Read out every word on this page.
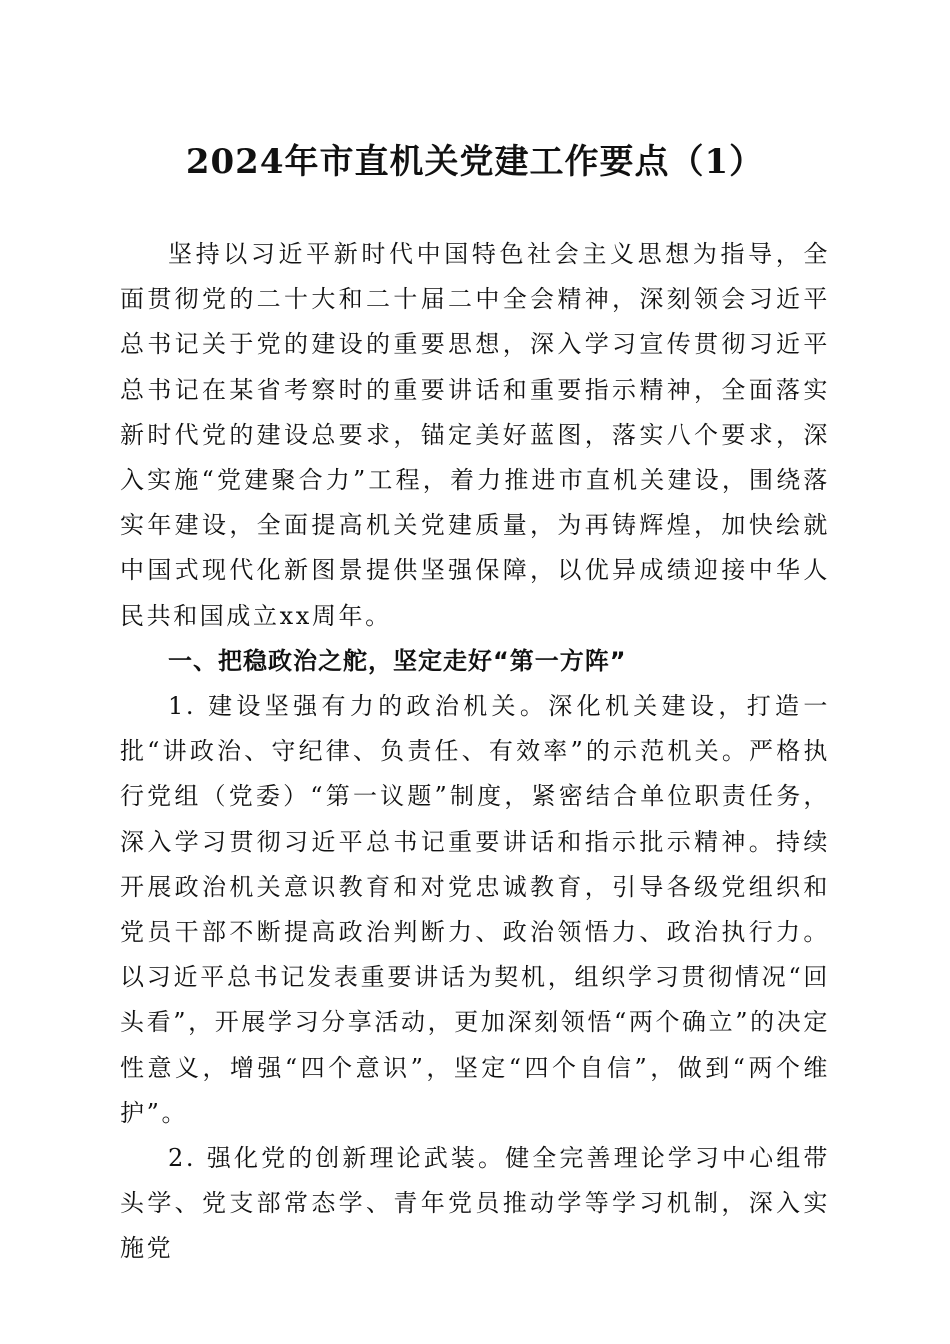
2024年市直机关党建工作要点（1）

坚持以习近平新时代中国特色社会主义思想为指导，全面贯彻党的二十大和二十届二中全会精神，深刻领会习近平总书记关于党的建设的重要思想，深入学习宣传贯彻习近平总书记在某省考察时的重要讲话和重要指示精神，全面落实新时代党的建设总要求，锚定美好蓝图，落实八个要求，深入实施“党建聚合力”工程，着力推进市直机关建设，围绕落实年建设，全面提高机关党建质量，为再铸辉煌，加快绘就中国式现代化新图景提供坚强保障，以优异成绩迎接中华人民共和国成立xx周年。

一、把稳政治之舵，坚定走好“第一方阵”

1. 建设坚强有力的政治机关。深化机关建设，打造一批“讲政治、守纪律、负责任、有效率”的示范机关。严格执行党组（党委）“第一议题”制度，紧密结合单位职责任务，深入学习贯彻习近平总书记重要讲话和指示批示精神。持续开展政治机关意识教育和对党忠诚教育，引导各级党组织和党员干部不断提高政治判断力、政治领悟力、政治执行力。以习近平总书记发表重要讲话为契机，组织学习贯彻情况“回头看”，开展学习分享活动，更加深刻领悟“两个确立”的决定性意义，增强“四个意识”，坚定“四个自信”，做到“两个维护”。

2. 强化党的创新理论武装。健全完善理论学习中心组带头学、党支部常态学、青年党员推动学等学习机制，深入实施党
